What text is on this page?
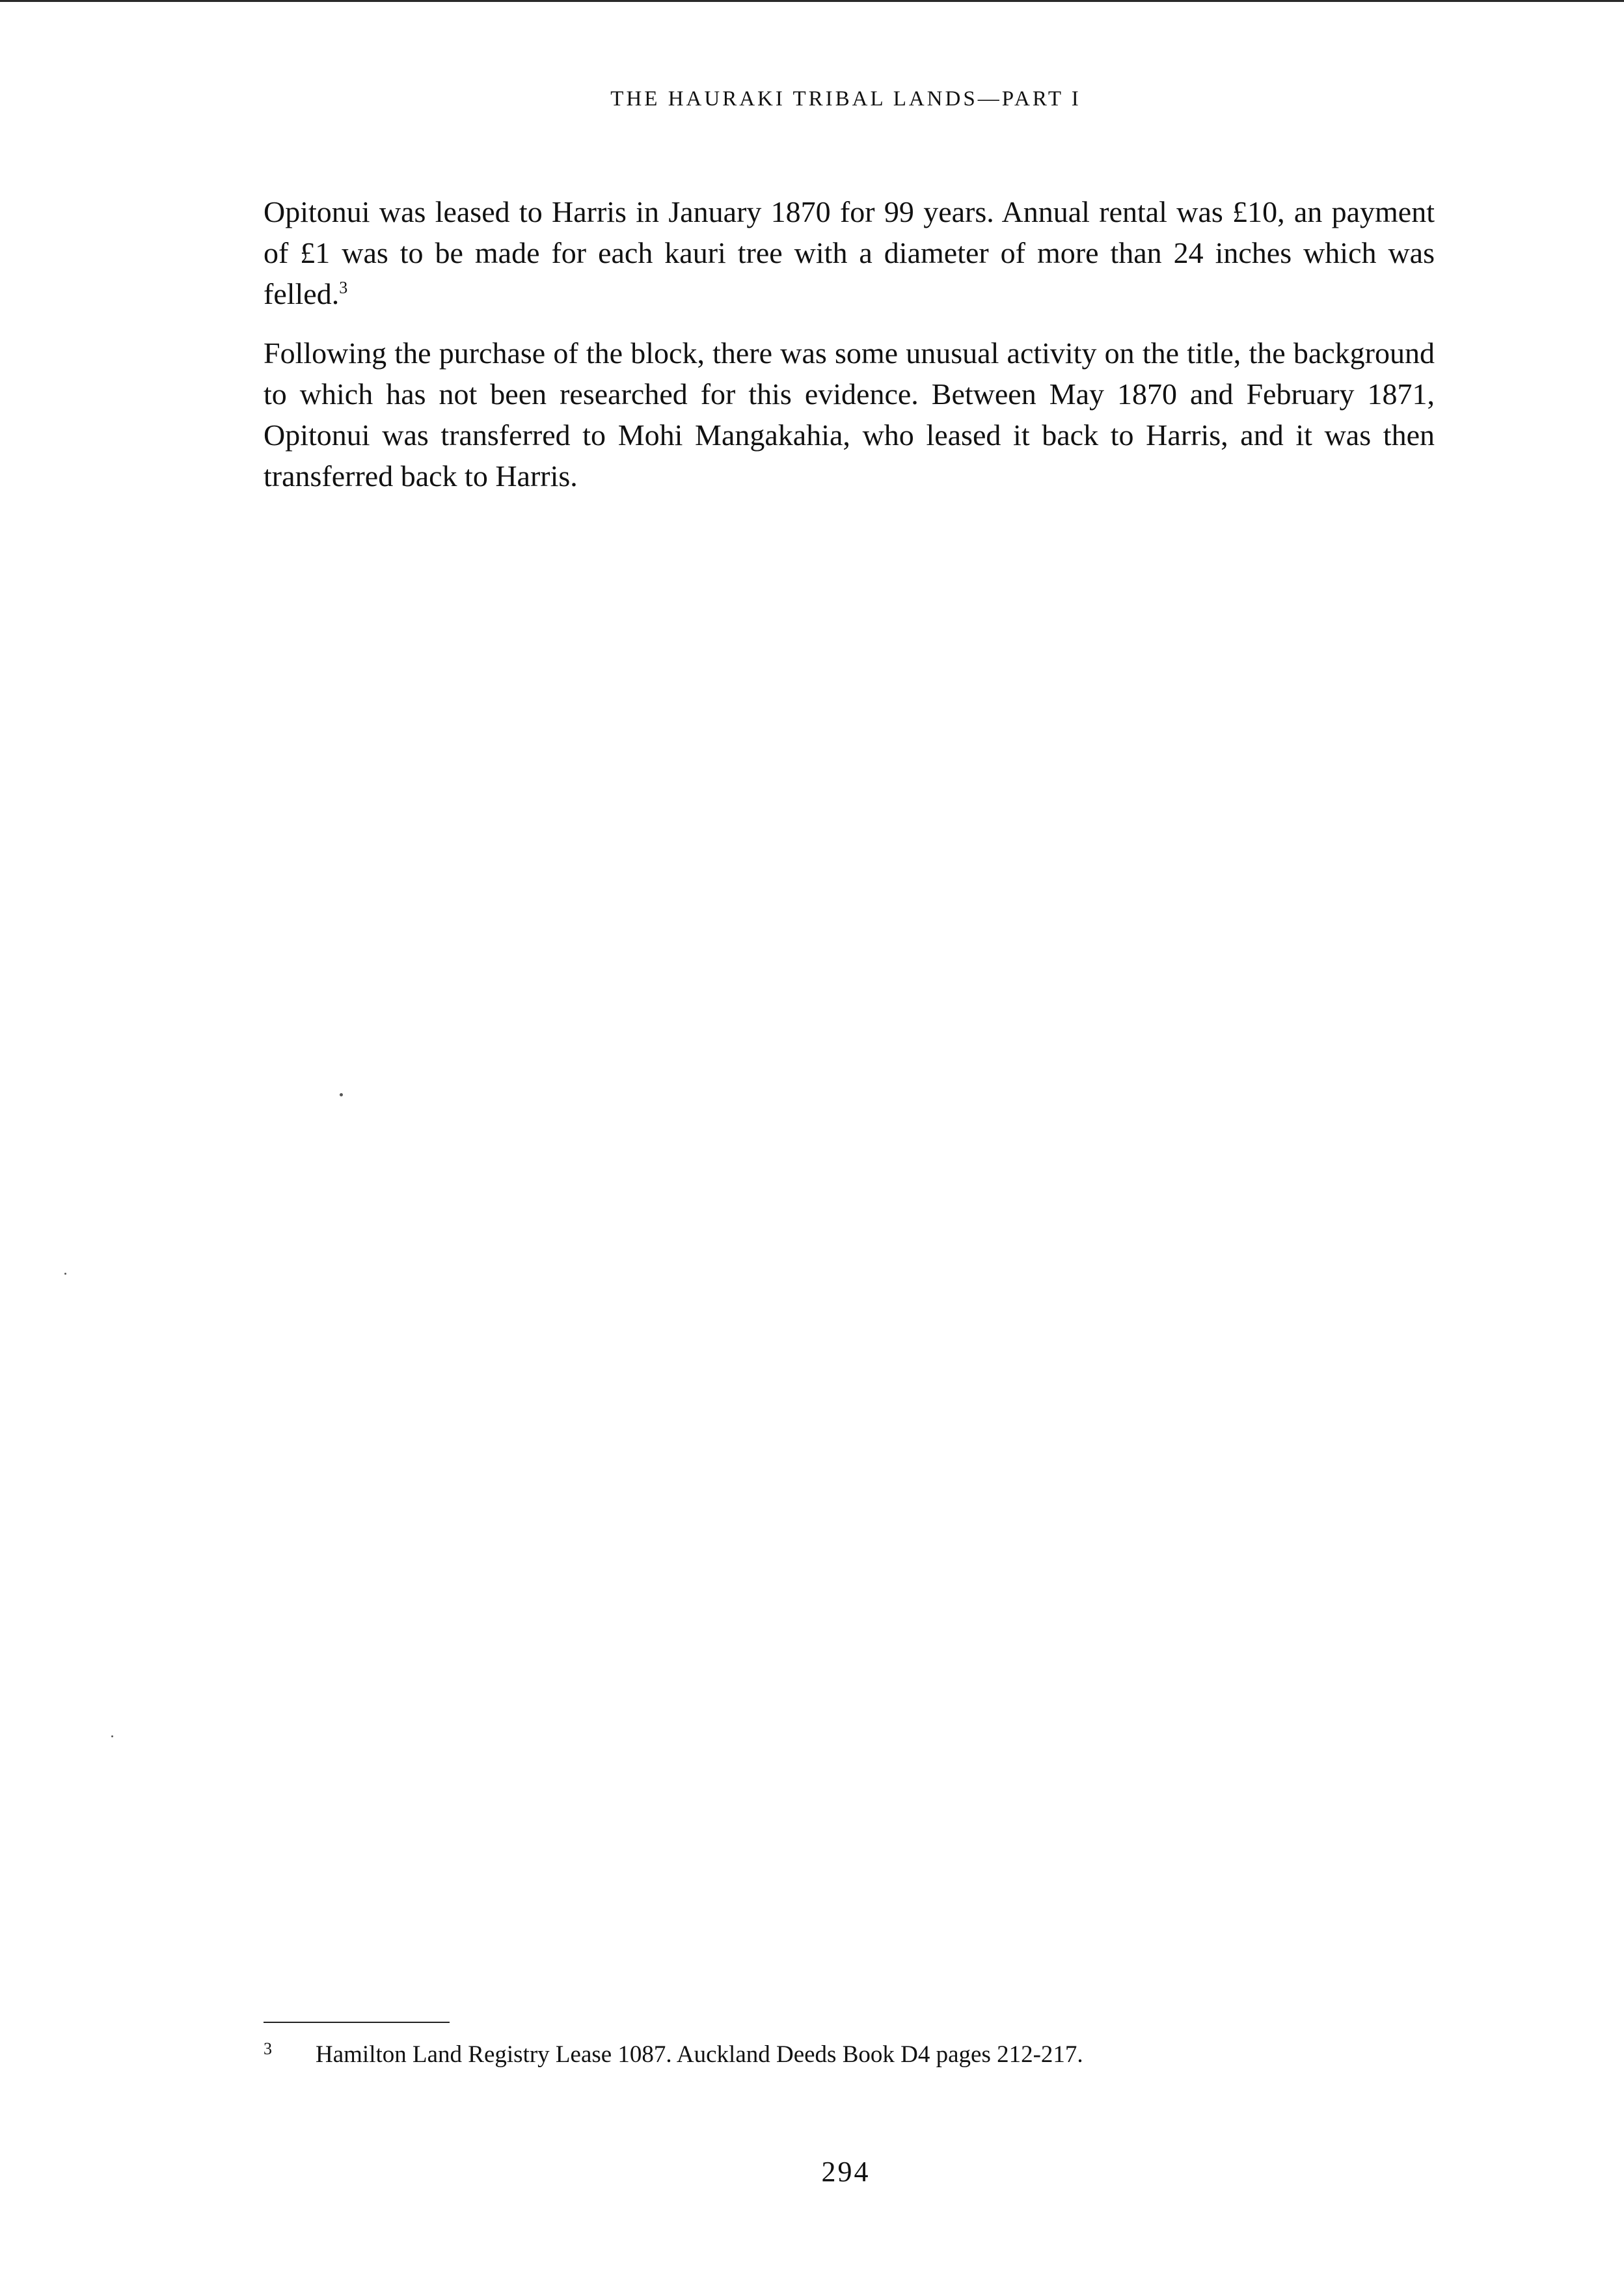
THE HAURAKI TRIBAL LANDS—PART I

Opitonui was leased to Harris in January 1870 for 99 years. Annual rental was £10, an payment of £1 was to be made for each kauri tree with a diameter of more than 24 inches which was felled.$^3$

Following the purchase of the block, there was some unusual activity on the title, the background to which has not been researched for this evidence. Between May 1870 and February 1871, Opitonui was transferred to Mohi Mangakahia, who leased it back to Harris, and it was then transferred back to Harris.

3 Hamilton Land Registry Lease 1087. Auckland Deeds Book D4 pages 212-217.
294
